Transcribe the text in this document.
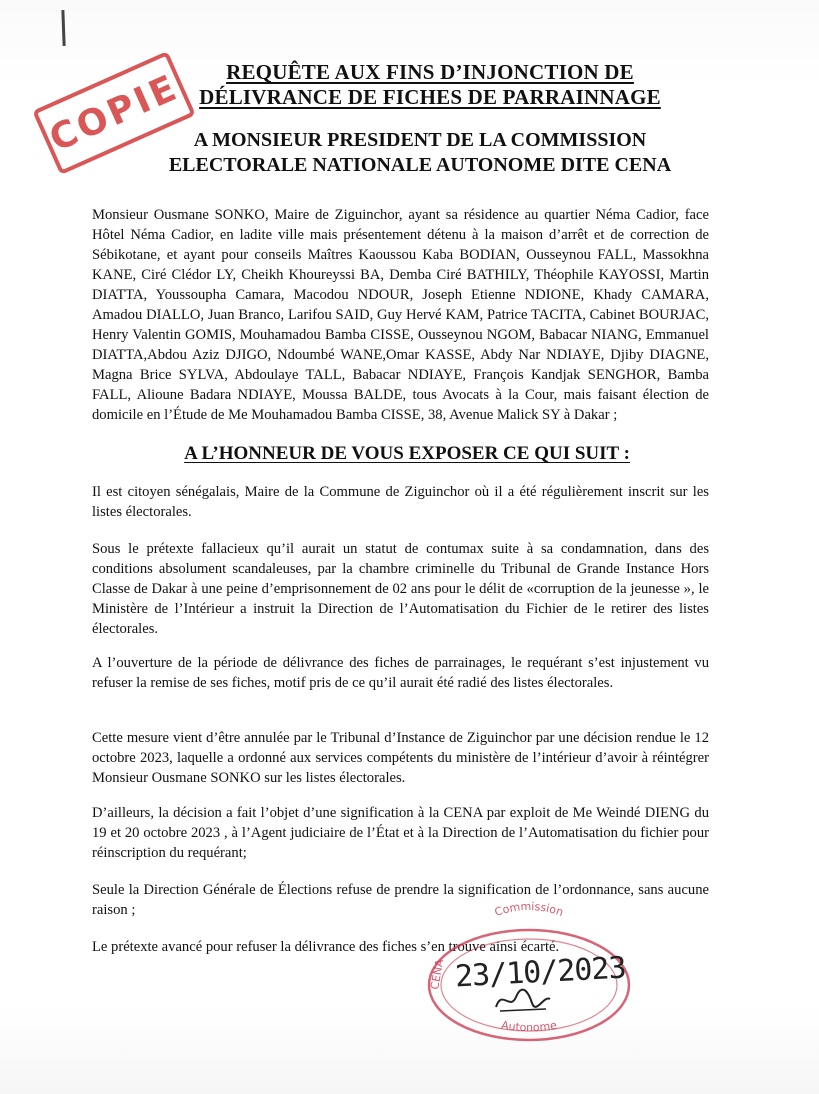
REQUÊTE AUX FINS D’INJONCTION DE
DÉLIVRANCE DE FICHES DE PARRAINNAGE
COPIE A MONSIEUR PRESIDENT DE LA COMMISSION
ELECTORALE NATIONALE AUTONOME DITE CENA

Monsieur Ousmane SONKO, Maire de Ziguinchor, ayant sa résidence au quartier Néma Cadior, face Hôtel Néma Cadior, en ladite ville mais présentement détenu à la maison d’arrêt et de correction de Sébikotane, et ayant pour conseils Maîtres Kaoussou Kaba BODIAN, Ousseynou FALL, Massokhna KANE, Ciré Clédor LY, Cheikh Khoureyssi BA, Demba Ciré BATHILY, Théophile KAYOSSI, Martin DIATTA, Youssoupha Camara, Macodou NDOUR, Joseph Etienne NDIONE, Khady CAMARA, Amadou DIALLO, Juan Branco, Larifou SAID, Guy Hervé KAM, Patrice TACITA, Cabinet BOURJAC, Henry Valentin GOMIS, Mouhamadou Bamba CISSE, Ousseynou NGOM, Babacar NIANG, Emmanuel DIATTA,Abdou Aziz DJIGO, Ndoumbé WANE,Omar KASSE, Abdy Nar NDIAYE, Djiby DIAGNE, Magna Brice SYLVA, Abdoulaye TALL, Babacar NDIAYE, François Kandjak SENGHOR, Bamba FALL, Alioune Badara NDIAYE, Moussa BALDE, tous Avocats à la Cour, mais faisant élection de domicile en l’Étude de Me Mouhamadou Bamba CISSE, 38, Avenue Malick SY à Dakar ;

A L’HONNEUR DE VOUS EXPOSER CE QUI SUIT :

Il est citoyen sénégalais, Maire de la Commune de Ziguinchor où il a été régulièrement inscrit sur les listes électorales.

Sous le prétexte fallacieux qu’il aurait un statut de contumax suite à sa condamnation, dans des conditions absolument scandaleuses, par la chambre criminelle du Tribunal de Grande Instance Hors Classe de Dakar à une peine d’emprisonnement de 02 ans pour le délit de «corruption de la jeunesse », le Ministère de l’Intérieur a instruit la Direction de l’Automatisation du Fichier de le retirer des listes électorales.

A l’ouverture de la période de délivrance des fiches de parrainages, le requérant s’est injustement vu refuser la remise de ses fiches, motif pris de ce qu’il aurait été radié des listes électorales.

Cette mesure vient d’être annulée par le Tribunal d’Instance de Ziguinchor par une décision rendue le 12 octobre 2023, laquelle a ordonné aux services compétents du ministère de l’intérieur d’avoir à réintégrer Monsieur Ousmane SONKO sur les listes électorales.

D’ailleurs, la décision a fait l’objet d’une signification à la CENA par exploit de Me Weindé DIENG du 19 et 20 octobre 2023 , à l’Agent judiciaire de l’État et à la Direction de l’Automatisation du fichier pour réinscription du requérant;

Seule la Direction Générale de Élections refuse de prendre la signification de l’ordonnance, sans aucune raison ;

Le prétexte avancé pour refuser la délivrance des fiches s’en trouve ainsi écarté.

Commission
Autonome
CENA 23/10/2023
